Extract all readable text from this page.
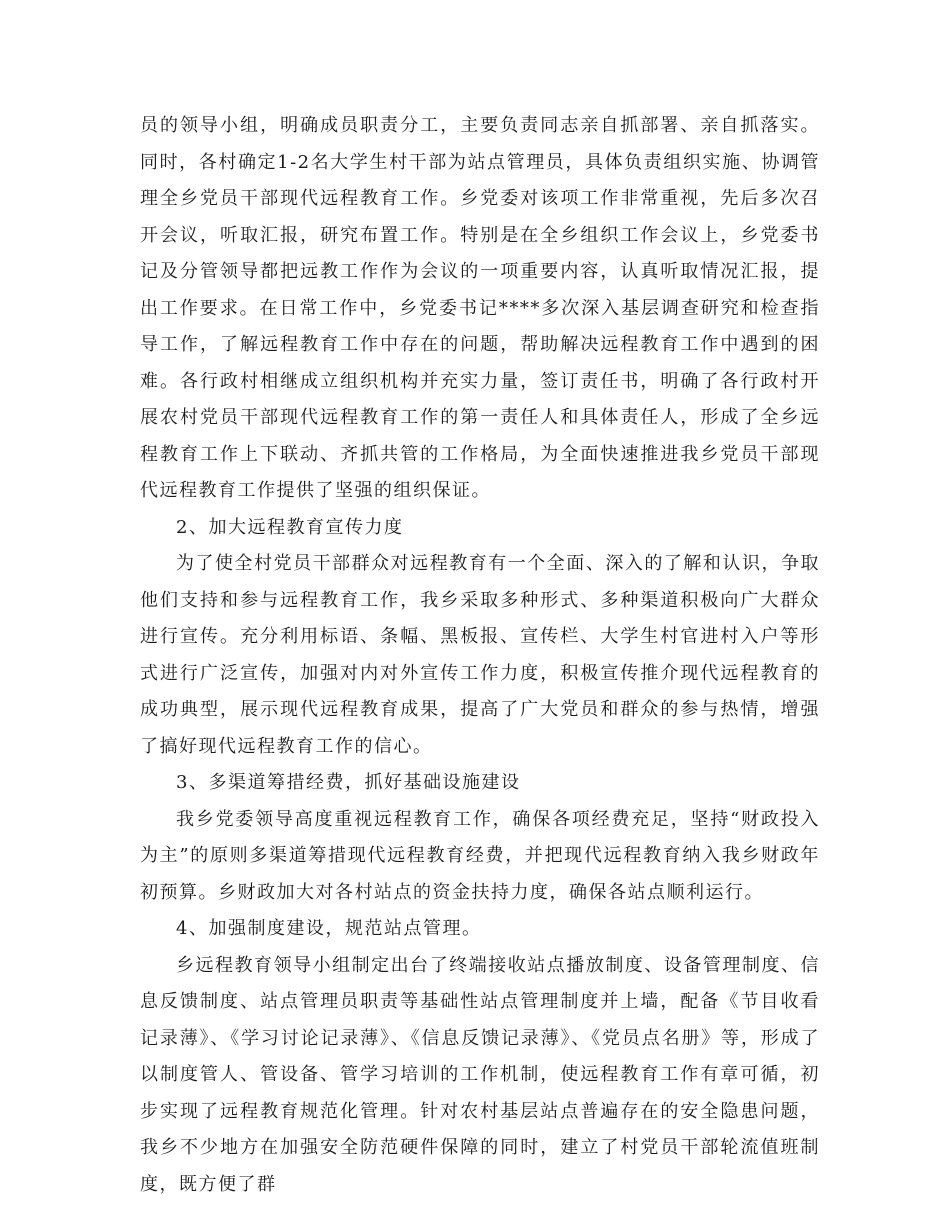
员的领导小组，明确成员职责分工，主要负责同志亲自抓部署、亲自抓落实。同时，各村确定1-2名大学生村干部为站点管理员，具体负责组织实施、协调管理全乡党员干部现代远程教育工作。乡党委对该项工作非常重视，先后多次召开会议，听取汇报，研究布置工作。特别是在全乡组织工作会议上，乡党委书记及分管领导都把远教工作作为会议的一项重要内容，认真听取情况汇报，提出工作要求。在日常工作中，乡党委书记****多次深入基层调查研究和检查指导工作，了解远程教育工作中存在的问题，帮助解决远程教育工作中遇到的困难。各行政村相继成立组织机构并充实力量，签订责任书，明确了各行政村开展农村党员干部现代远程教育工作的第一责任人和具体责任人，形成了全乡远程教育工作上下联动、齐抓共管的工作格局，为全面快速推进我乡党员干部现代远程教育工作提供了坚强的组织保证。

2、加大远程教育宣传力度

为了使全村党员干部群众对远程教育有一个全面、深入的了解和认识，争取他们支持和参与远程教育工作，我乡采取多种形式、多种渠道积极向广大群众进行宣传。充分利用标语、条幅、黑板报、宣传栏、大学生村官进村入户等形式进行广泛宣传，加强对内对外宣传工作力度，积极宣传推介现代远程教育的成功典型，展示现代远程教育成果，提高了广大党员和群众的参与热情，增强了搞好现代远程教育工作的信心。

3、多渠道筹措经费，抓好基础设施建设

我乡党委领导高度重视远程教育工作，确保各项经费充足，坚持“财政投入为主”的原则多渠道筹措现代远程教育经费，并把现代远程教育纳入我乡财政年初预算。乡财政加大对各村站点的资金扶持力度，确保各站点顺利运行。

4、加强制度建设，规范站点管理。

乡远程教育领导小组制定出台了终端接收站点播放制度、设备管理制度、信息反馈制度、站点管理员职责等基础性站点管理制度并上墙，配备《节目收看记录薄》、《学习讨论记录薄》、《信息反馈记录薄》、《党员点名册》等，形成了以制度管人、管设备、管学习培训的工作机制，使远程教育工作有章可循，初步实现了远程教育规范化管理。针对农村基层站点普遍存在的安全隐患问题，我乡不少地方在加强安全防范硬件保障的同时，建立了村党员干部轮流值班制度，既方便了群
